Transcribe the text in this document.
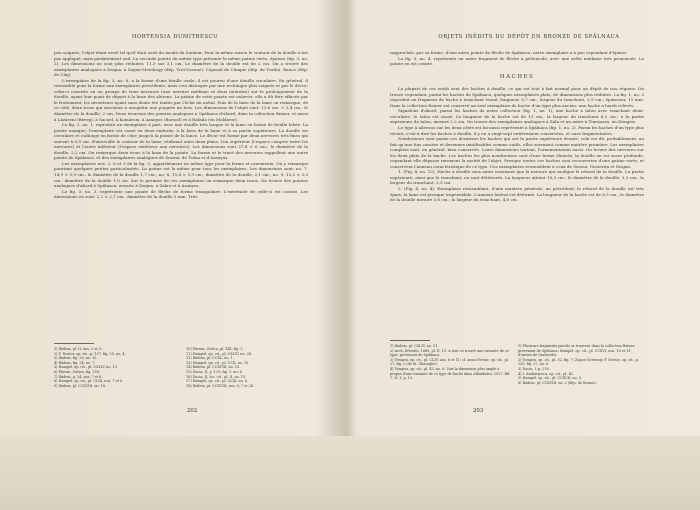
HORTENSIA DUMITRESCU

peu soignée, l'objet étant resté tel qu'il était sorti du moule du fondeur. Pour la même raison le contour de la douille n'est pas appliqué, mais parfaitement ond. La seconde pointe du même type présente la même patine verte, épaisse (fig. 3, no. 2). Les dimensions ne sont plus réduites: 11,3 sur 3,1 cm. Le diamètre de la douille est de 2 cm. On a trouvé des exemplaires analogues à Drajna, à Zagon-Metohegy (dép. Treï-Scaune), Căpușul de Câmpie (dép. de Turda), Bance (dép. de Cluj).

L'exemplaire de la fig. 3, no. 6, a la forme d'une feuille ovale; il est pourvu d'une douille circulaire. En général, il ressemble pour la forme aux exemplaires précédents, mais s'en distingue par une technique plus soignée et par le décor; celui-ci consiste en un groupe de trois nervures (une nervure médiane et deux latérales) sur le prolongement de la douille, ayant leur point de départ à la base des alérons. La patine de cette pointe est enlevée; elle a dû être effacée par le frottement, les inventeurs ayant sans doute été tentés par l'éclat du métal. Puis de la base de la lame on remarque, de ce côté, deux trous qui servaient à assujettir une poignée en bois. Les dimensions de l'objet sont: 13,6 cm. × 3,4 cm.; le diamètre de la douille, 2 cm. Nous trouvons des pointes analogues à Spălnaca d'abord, dans la collection Reiner, et aussi à Lăzăreni (Bereg), à Sacuel, à Komárom, à Aranyos (Borsod) et à Rafaila (en Moldavie).

La fig. 3, no. 1, reproduit un exemplaire à part, avec une douille très longue et la lame en forme de feuille lobée. La pointe manque; l'exemplaire est cassé en deux endroits, à la base de la lame et à sa partie supérieure. La douille est circulaire et s'allonge en forme de cône jusqu'à la pointe de la lance. Le décor est formé par deux nervures très fines qui suivent à 0,5 cm. d'intervalle le contour de la lame, réalisant ainsi deux plans, l'un supérieur (l'espace compris entre les nervures) et l'autre inférieur (l'espace extérieur aux nervures). Les dimensions sont 27,4 × 6 cm.; le diamètre de la douille, 2,2 cm. On remarque deux trous à la base de la pointe. La forme et le tracé des nervures rappellent une autre pointe de Spălnaca, et des exemplaires analogues de Suseni, de Tulna et d'Aranyos.

Les exemplaires nos. 2, 8 et 9 de la fig. 3, appartiennent au même type pour la forme et ornements. On y remarque pourtant quelques petites particularités. La patine est la même pour tous les exemplaires. Les dimensions sont: no. 7, 14,9 × 3,9 cm., le diamètre de la douille 1,7 cm.; no. 8, 15,4 × 3,9 cm., diamètre de la douille, 2,1 cm.; no. 9, 13,2 × 3,3 cm., diamètre de la douille 1,9 cm. Sur le premier de ces exemplaires on remarque deux trous. On trouve des pointes analogues d'abord à Spălnaca, ensuite à Drajna, à Zalau et à Aranyos.

La fig. 3, no. 3, représente une pointe de flèche de forme triangulaire. L'extrémité de celle-ci est cassée. Les dimensions en sont: 2,2 × 2,7 cm., diamètre de la douille 5 mm. Très

1) Ibidem, pl. II, nos. 2 et 5.
2) F. Nestor, op. cit., p. 137, fig. 25, no. 4.
3) Ibidem, fig. 26, no. 15.
4) Ibidem, fig. 24, no. 7.
5) Hampel, op. cit., pl. CXLIV, no. 13.
6) Pârvan, Getica, fig. 259.
7) Ibidem, p. 24, nos. 7 et 8.
8) Hampel, op. cit., pl. CLIX, nos. 7 et 8.
9) Ibidem, pl. CCXVIII, no. 18.
10) Pârvan, Getica, pl. XIX, fig. 2.
11) Hampel, op. cit., pl. CXLIV, no. 24.
12) Ibidem, pl. CCXL, no. 1.
13) Hampel, op. cit., pl. CCII, no. 15.
14) Ibidem, pl. CCXVIII, no. 15.
15) Dacia, II, p. 129, fig. 1, no. 6.
16) Dacia, II, loc. cit., pl. II, no. 15.
17) Hampel, op. cit., pl. CLIX, no. 6.
18) Ibidem, pl. CCXVIII, nos. 6, 7 et 24.
202
OBJETS INÉDITS DU DÉPÔT EN BRONZE DE SPĂLNACA

rapprochée, par sa forme, d'une autre pointe de flèche de Spălnaca, notre exemplaire n'a pas cependant d'épines.

La fig. 3, no. 4, représente un autre fragment de flèche à pédoncule, avec une arête médiane très prononcée. La pointe en est cassée.

HACHES

La plupart de ces outils sont des haches à douille, ce qui est tout à fait normal pour un dépôt de nos régions. On trouve cependant, parmi les haches de Spălnaca, quelques exemplaires plats, de dimensions plus réduites. La fig. 1, no. 3 reproduit un fragment de hache à tranchant évasé; longueur, 6,7 cm.; largeur du tranchant, 3,9 cm.; épaisseur, 11 mm. Dans la collection Reiner est conservé un seul exemplaire de hache d'un type plus ancien: une hache à bords relevés.

Signalons d'abord, parmi les haches de notre collection (fig. 1, no. 1), une hache à talon avec tranchant demi-circulaire, le talon est cassé. La longueur de la hache est de 13 cm., la largeur du tranchant 6,2 cm.; à la partie supérieure du talon, mesure 2,2 cm. On trouve des exemplaires analogues à Zalu et un autre à Timișoara, en Hongrie.

Le type à ailerons sur les deux côtés est lui-aussi représenté à Spălnaca (fig. 1, no. 2). Parmi les haches d'un type plus récent, c'est-à-dire les haches à douille, il y en a vingt-sept entièrement conservées, et onze fragmentaires.

Nombreuses sont parmi ces dernières les haches qui ont la partie supérieure évasée; cela est dû, probablement, au fait qu'une fois cassées et devenues inutilisables comme outils, elles servaient comme matière première. Les exemplaires complets sont, en général, bien conservés. Leurs dimensions varient, l'ornementation aussi. On trouve des nervures sur les deux plats de la hache. Les haches les plus nombreuses sont d'une forme élancée, la douille en est assez profonde, cependant elle dépasse rarement la moitié de l'objet. Presque toutes ces haches sont recouvertes d'une patine verte, et conservent l'anneau caractéristique de ce type. Ces exemplaires ressemblent à ceux de Suseni, Gușterița et Drajna.

1. (Fig. 4, no. 12). Hache à douille sans autre ornement que la nervure qui souligne le rebord de la douille. La partie supérieure, ainsi que le tranchant, en sont détériorés. La longueur atteint 10,5 cm.; le diamètre de la douille, 3,3 cm.; la largeur du tranchant, 5,3 cm.

2. (Fig. 4, no. 4). Exemplaire ressemblant, d'une manière générale, au précédent; le rebord de la douille est très épais; la lame est presque trapézoïdale. L'anneau latéral est déformé. La longueur de la hache est de 8,5 cm.; le diamètre de la douille mesure 3,8 cm.; la largeur du tranchant, 4,8 cm.

1) Ibidem, pl. CXLIV, no. 31.
2) Arch. Ertesitö, 1888, pl. II, 15. A tout ce trouvé une variante de ce type. provenant de Spălnaca.
3) Tempea, op. cit., pl. CLIV, nos. 6 et 11; cf. aussi Nestor, op. cit., pl. 27, fig. 2 (de M. Gheorghe).
4) Tempea, op. cit., pl. 43, no. 6. Voir la dimension plus ample à propos d'une variante de ce type de hache dans Albaiduleu, 1927, Bd. 7, II. 1, p. 10.
1) Plusieurs fragments pareils se trouvent dans la collection Reiner, provenant de Spălnaca: Hampel, op. cit., pl. CCXVI, nos. 16 et 11; d'autres de Szadovitei.
2) Tempea, op. cit., pl. 52, fig. 7; Zagon-Ceretony, F. Nestor, op. cit., p. 135, fig. 27, no. 8.
3) Dacia, I, p. 216.
4) I. Andrieșescu, op. cit., pl. III.
5) Hampel, op. cit., pl. CCXVII, no. 5.
6) Ibidem, pl. CCXVIII, no. 2 (dép. de Somes).
203
